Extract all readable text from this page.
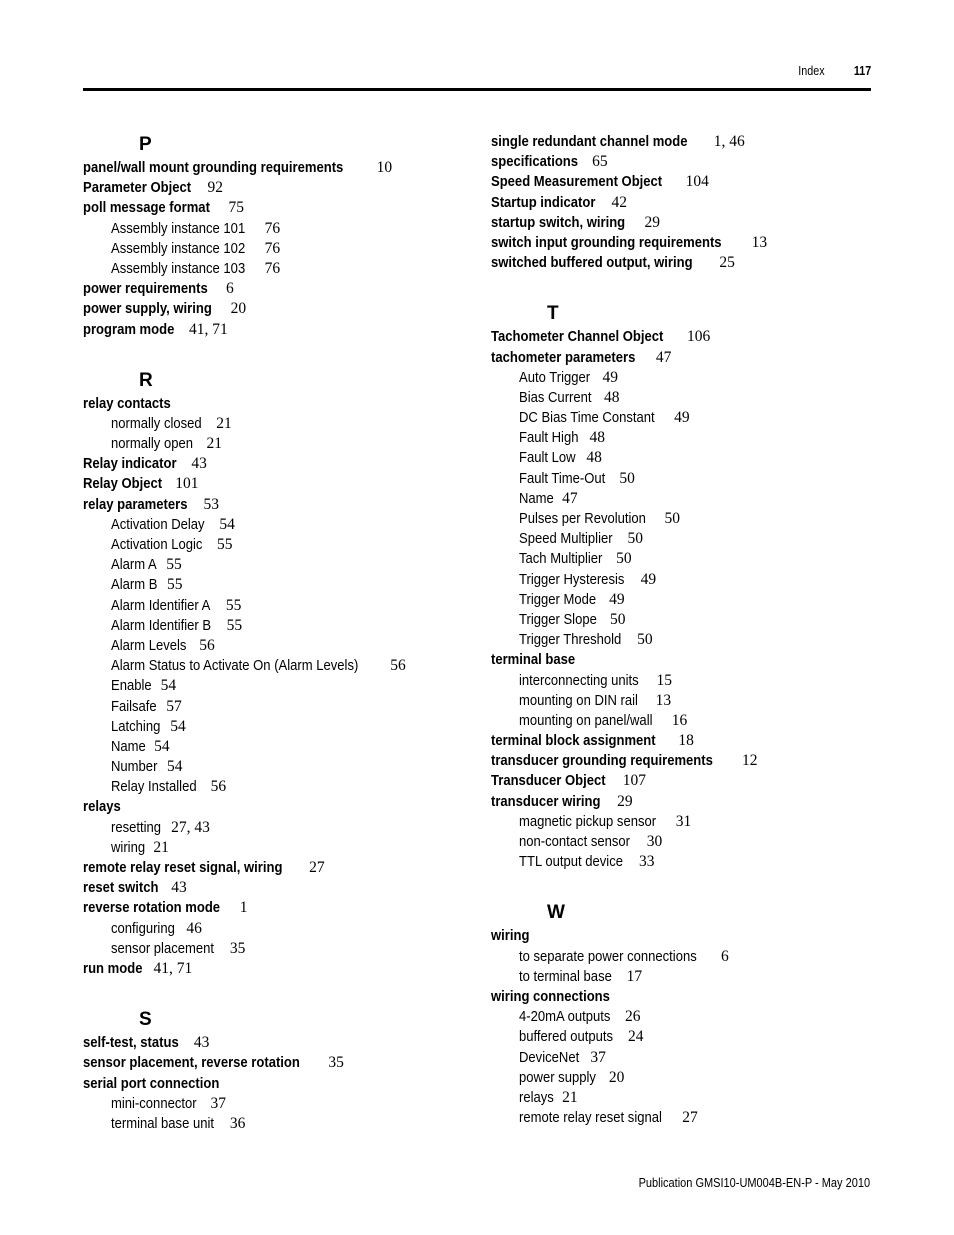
Index 117
P
panel/wall mount grounding requirements 10
Parameter Object 92
poll message format 75
Assembly instance 101 76
Assembly instance 102 76
Assembly instance 103 76
power requirements 6
power supply, wiring 20
program mode 41, 71
R
relay contacts
normally closed 21
normally open 21
Relay indicator 43
Relay Object 101
relay parameters 53
Activation Delay 54
Activation Logic 55
Alarm A 55
Alarm B 55
Alarm Identifier A 55
Alarm Identifier B 55
Alarm Levels 56
Alarm Status to Activate On (Alarm Levels) 56
Enable 54
Failsafe 57
Latching 54
Name 54
Number 54
Relay Installed 56
relays
resetting 27, 43
wiring 21
remote relay reset signal, wiring 27
reset switch 43
reverse rotation mode 1
configuring 46
sensor placement 35
run mode 41, 71
S
self-test, status 43
sensor placement, reverse rotation 35
serial port connection
mini-connector 37
terminal base unit 36
single redundant channel mode 1, 46
specifications 65
Speed Measurement Object 104
Startup indicator 42
startup switch, wiring 29
switch input grounding requirements 13
switched buffered output, wiring 25
T
Tachometer Channel Object 106
tachometer parameters 47
Auto Trigger 49
Bias Current 48
DC Bias Time Constant 49
Fault High 48
Fault Low 48
Fault Time-Out 50
Name 47
Pulses per Revolution 50
Speed Multiplier 50
Tach Multiplier 50
Trigger Hysteresis 49
Trigger Mode 49
Trigger Slope 50
Trigger Threshold 50
terminal base
interconnecting units 15
mounting on DIN rail 13
mounting on panel/wall 16
terminal block assignment 18
transducer grounding requirements 12
Transducer Object 107
transducer wiring 29
magnetic pickup sensor 31
non-contact sensor 30
TTL output device 33
W
wiring
to separate power connections 6
to terminal base 17
wiring connections
4-20mA outputs 26
buffered outputs 24
DeviceNet 37
power supply 20
relays 21
remote relay reset signal 27
Publication GMSI10-UM004B-EN-P - May 2010
